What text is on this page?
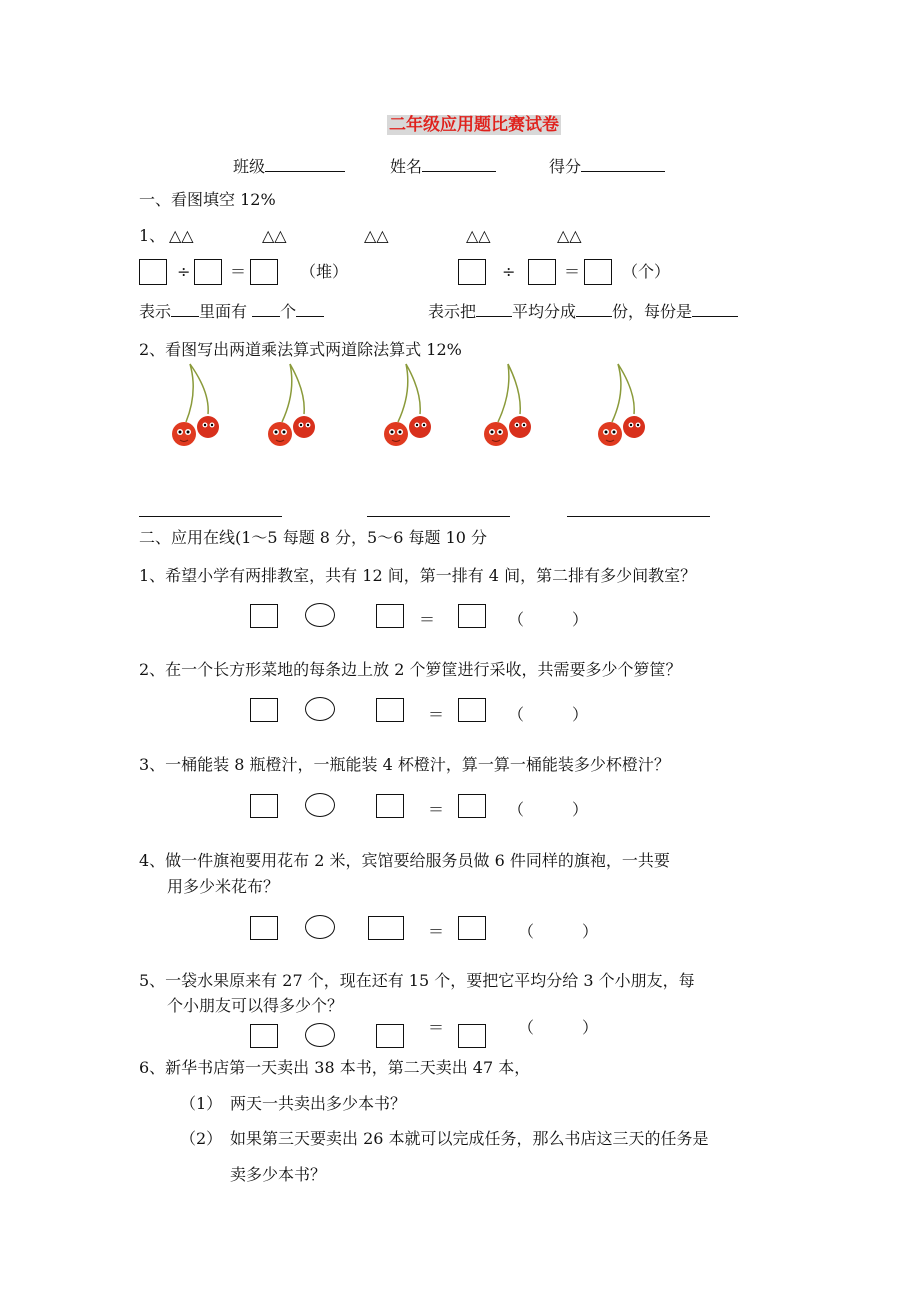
二年级应用题比赛试卷
班级	姓名	得分
一、看图填空 12%
1、 △△	△△	△△	△△	△△
÷ ＝	（堆）	÷	＝	（个）
表示 里面有 个	表示把 平均分成 份，每份是
2、看图写出两道乘法算式两道除法算式 12%
二、应用在线(1～5 每题 8 分，5～6 每题 10 分
1、希望小学有两排教室，共有 12 间，第一排有 4 间，第二排有多少间教室？
＝	（　　　）
2、在一个长方形菜地的每条边上放 2 个箩筐进行采收，共需要多少个箩筐？
＝	（　　　）
3、一桶能装 8 瓶橙汁，一瓶能装 4 杯橙汁，算一算一桶能装多少杯橙汁？
＝	（　　　）
4、做一件旗袍要用花布 2 米，宾馆要给服务员做 6 件同样的旗袍，一共要
用多少米花布？
＝	（　　　）
5、一袋水果原来有 27 个，现在还有 15 个，要把它平均分给 3 个小朋友，每
个小朋友可以得多少个？
＝	（　　　）
6、新华书店第一天卖出 38 本书，第二天卖出 47 本，
（1） 两天一共卖出多少本书？
（2） 如果第三天要卖出 26 本就可以完成任务，那么书店这三天的任务是
卖多少本书？
